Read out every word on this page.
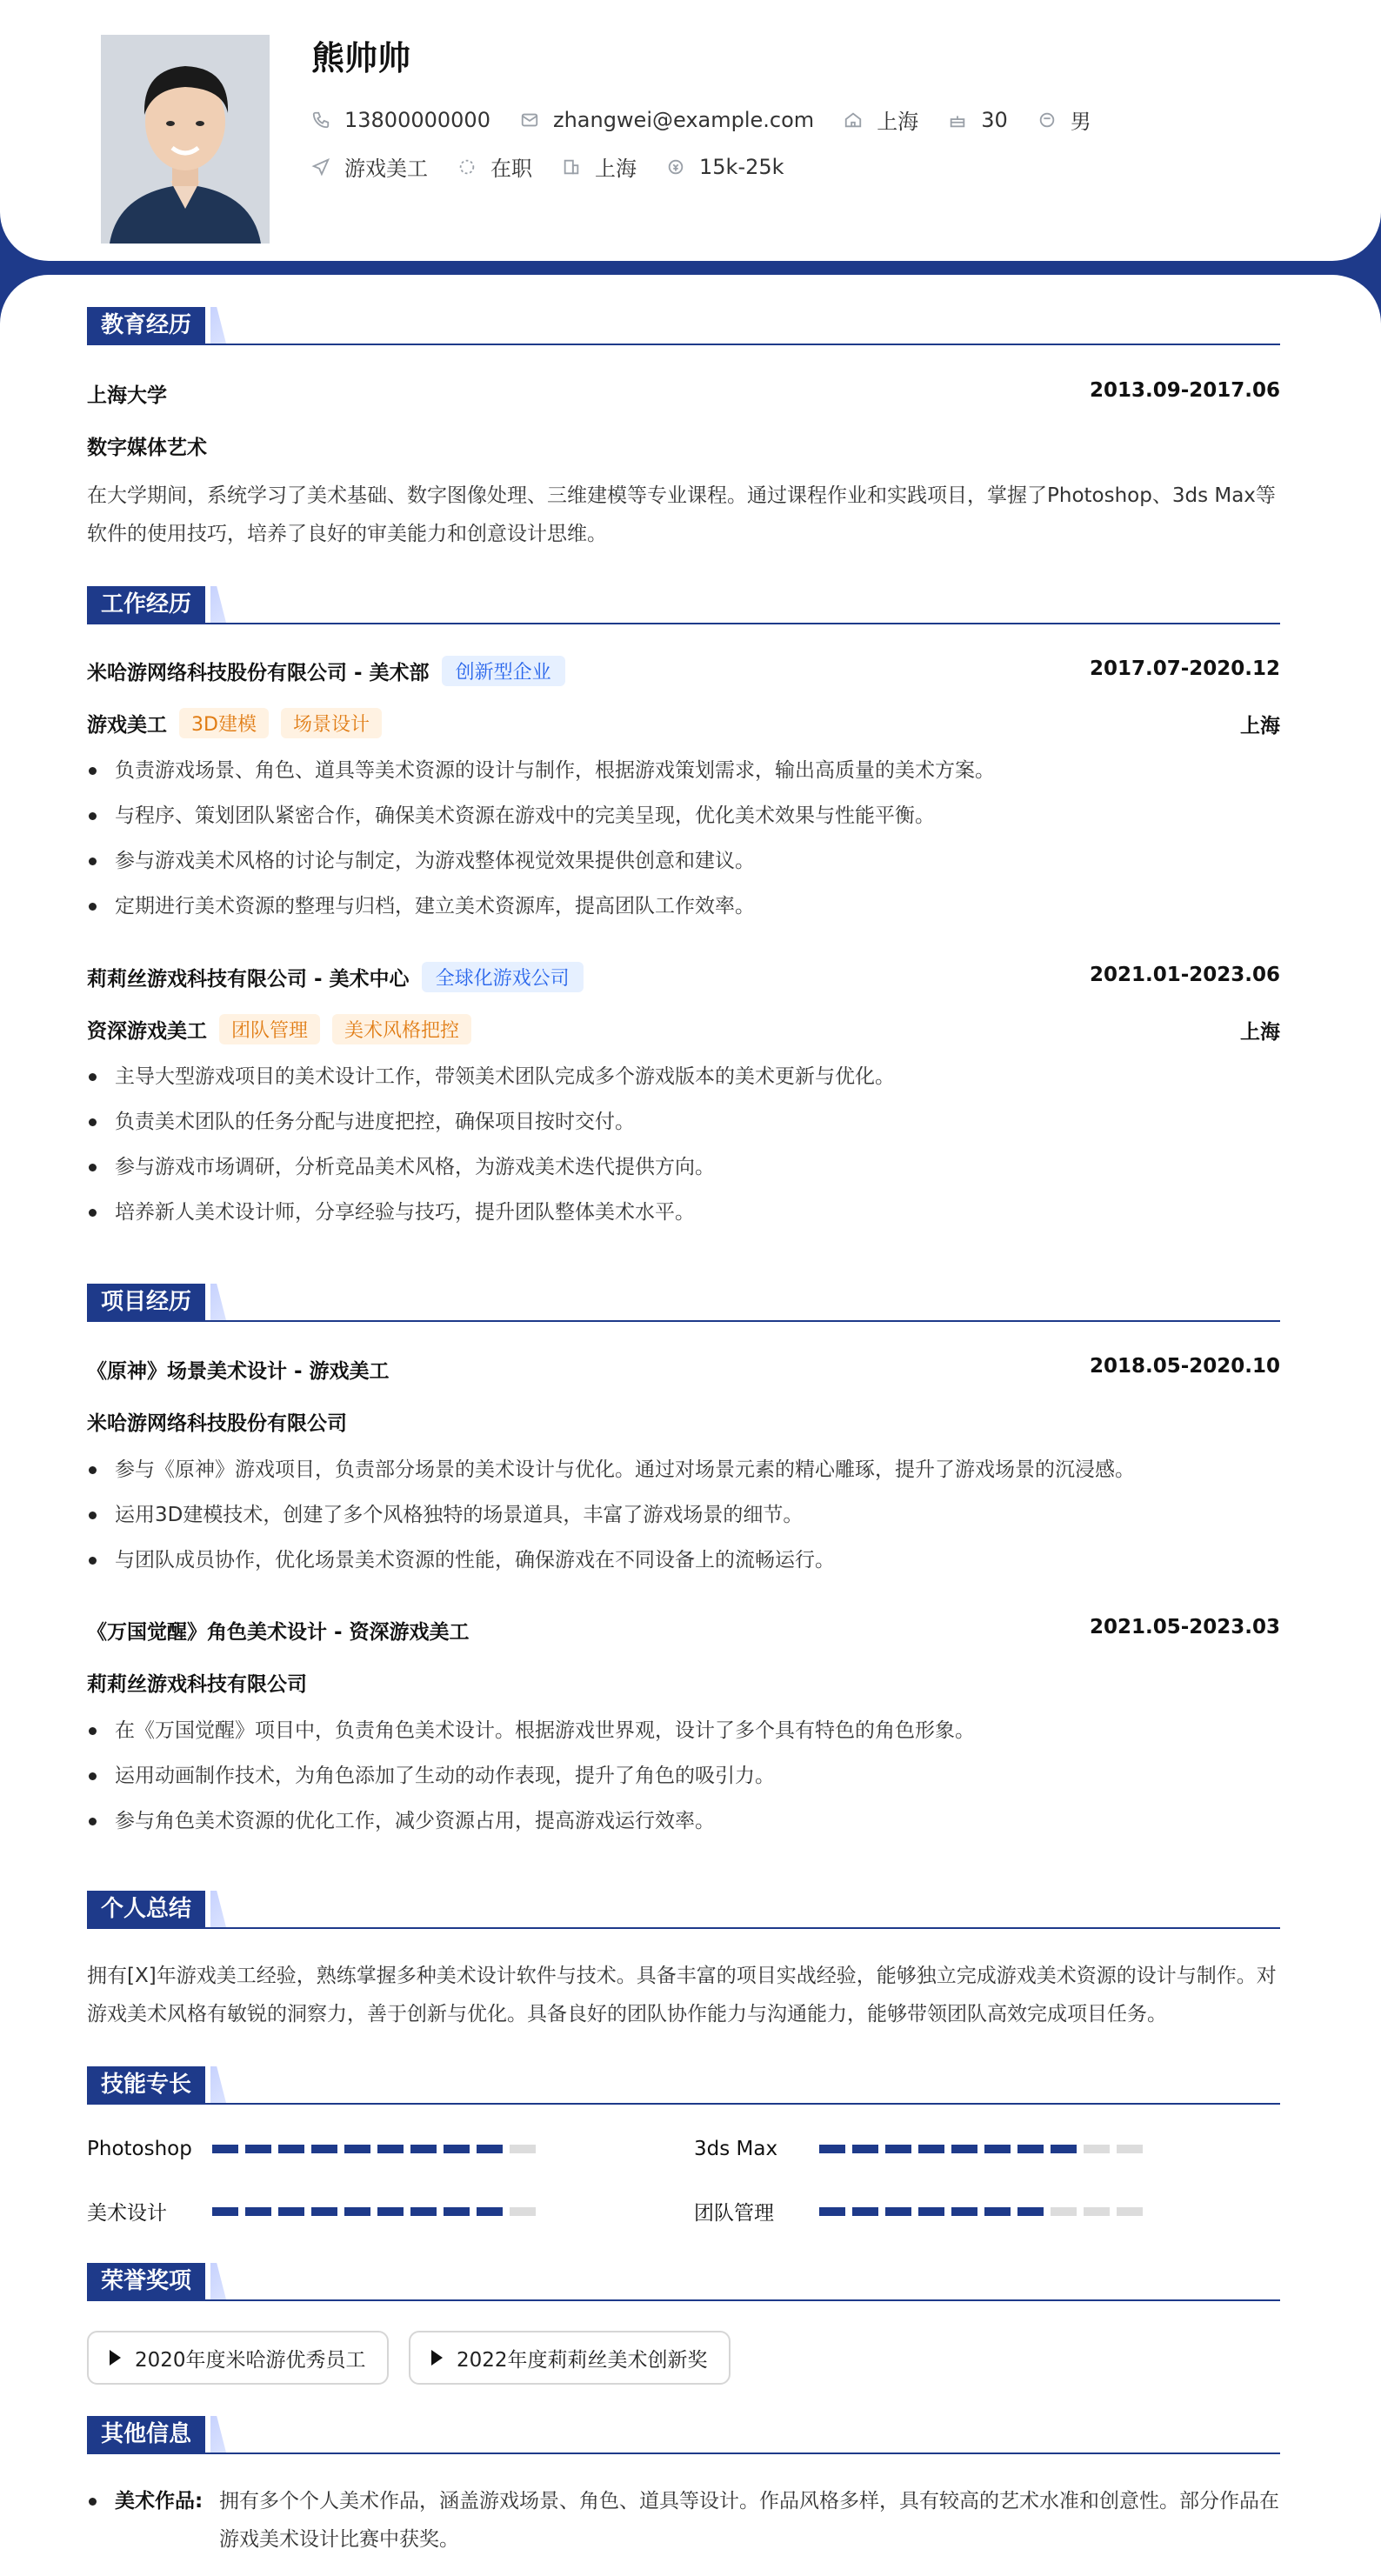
熊帅帅
13800000000	zhangwei@example.com	上海	30	男
游戏美工	在职	上海	15k-25k
教育经历
上海大学	2013.09-2017.06
数字媒体艺术
在大学期间，系统学习了美术基础、数字图像处理、三维建模等专业课程。通过课程作业和实践项目，掌握了Photoshop、3ds Max等软件的使用技巧，培养了良好的审美能力和创意设计思维。
工作经历
米哈游网络科技股份有限公司 - 美术部	创新型企业	2017.07-2020.12
游戏美工	3D建模	场景设计	上海
负责游戏场景、角色、道具等美术资源的设计与制作，根据游戏策划需求，输出高质量的美术方案。
与程序、策划团队紧密合作，确保美术资源在游戏中的完美呈现，优化美术效果与性能平衡。
参与游戏美术风格的讨论与制定，为游戏整体视觉效果提供创意和建议。
定期进行美术资源的整理与归档，建立美术资源库，提高团队工作效率。
莉莉丝游戏科技有限公司 - 美术中心	全球化游戏公司	2021.01-2023.06
资深游戏美工	团队管理	美术风格把控	上海
主导大型游戏项目的美术设计工作，带领美术团队完成多个游戏版本的美术更新与优化。
负责美术团队的任务分配与进度把控，确保项目按时交付。
参与游戏市场调研，分析竞品美术风格，为游戏美术迭代提供方向。
培养新人美术设计师，分享经验与技巧，提升团队整体美术水平。
项目经历
《原神》场景美术设计 - 游戏美工	2018.05-2020.10
米哈游网络科技股份有限公司
参与《原神》游戏项目，负责部分场景的美术设计与优化。通过对场景元素的精心雕琢，提升了游戏场景的沉浸感。
运用3D建模技术，创建了多个风格独特的场景道具，丰富了游戏场景的细节。
与团队成员协作，优化场景美术资源的性能，确保游戏在不同设备上的流畅运行。
《万国觉醒》角色美术设计 - 资深游戏美工	2021.05-2023.03
莉莉丝游戏科技有限公司
在《万国觉醒》项目中，负责角色美术设计。根据游戏世界观，设计了多个具有特色的角色形象。
运用动画制作技术，为角色添加了生动的动作表现，提升了角色的吸引力。
参与角色美术资源的优化工作，减少资源占用，提高游戏运行效率。
个人总结
拥有[X]年游戏美工经验，熟练掌握多种美术设计软件与技术。具备丰富的项目实战经验，能够独立完成游戏美术资源的设计与制作。对游戏美术风格有敏锐的洞察力，善于创新与优化。具备良好的团队协作能力与沟通能力，能够带领团队高效完成项目任务。
技能专长
Photoshop	3ds Max
美术设计	团队管理
荣誉奖项
2020年度米哈游优秀员工	2022年度莉莉丝美术创新奖
其他信息
美术作品: 拥有多个个人美术作品，涵盖游戏场景、角色、道具等设计。作品风格多样，具有较高的艺术水准和创意性。部分作品在游戏美术设计比赛中获奖。
